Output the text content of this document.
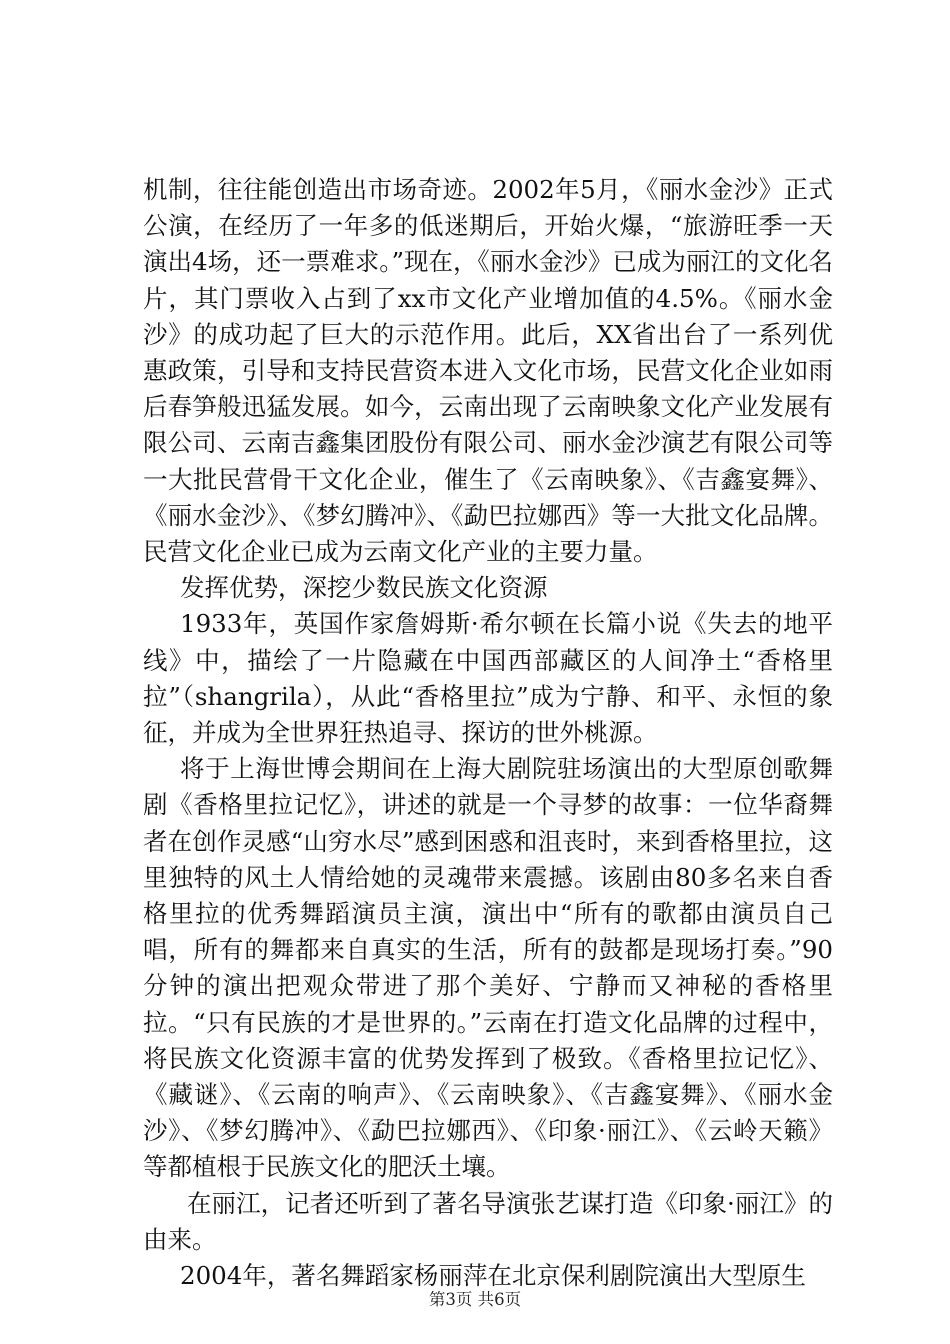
机制，往往能创造出市场奇迹。2002年5月，《丽水金沙》正式公演，在经历了一年多的低迷期后，开始火爆，“旅游旺季一天演出4场，还一票难求。”现在，《丽水金沙》已成为丽江的文化名片，其门票收入占到了xx市文化产业增加值的4.5%。《丽水金沙》的成功起了巨大的示范作用。此后，XX省出台了一系列优惠政策，引导和支持民营资本进入文化市场，民营文化企业如雨后春笋般迅猛发展。如今，云南出现了云南映象文化产业发展有限公司、云南吉鑫集团股份有限公司、丽水金沙演艺有限公司等一大批民营骨干文化企业，催生了《云南映象》、《吉鑫宴舞》、《丽水金沙》、《梦幻腾冲》、《勐巴拉娜西》等一大批文化品牌。民营文化企业已成为云南文化产业的主要力量。

发挥优势，深挖少数民族文化资源

1933年，英国作家詹姆斯·希尔顿在长篇小说《失去的地平线》中，描绘了一片隐藏在中国西部藏区的人间净土“香格里拉”（shangrila），从此“香格里拉”成为宁静、和平、永恒的象征，并成为全世界狂热追寻、探访的世外桃源。

将于上海世博会期间在上海大剧院驻场演出的大型原创歌舞剧《香格里拉记忆》，讲述的就是一个寻梦的故事：一位华裔舞者在创作灵感“山穷水尽”感到困惑和沮丧时，来到香格里拉，这里独特的风土人情给她的灵魂带来震撼。该剧由80多名来自香格里拉的优秀舞蹈演员主演，演出中“所有的歌都由演员自己唱，所有的舞都来自真实的生活，所有的鼓都是现场打奏。”90分钟的演出把观众带进了那个美好、宁静而又神秘的香格里拉。“只有民族的才是世界的。”云南在打造文化品牌的过程中，将民族文化资源丰富的优势发挥到了极致。《香格里拉记忆》、《藏谜》、《云南的响声》、《云南映象》、《吉鑫宴舞》、《丽水金沙》、《梦幻腾冲》、《勐巴拉娜西》、《印象·丽江》、《云岭天籁》等都植根于民族文化的肥沃土壤。

在丽江，记者还听到了著名导演张艺谋打造《印象·丽江》的由来。

2004年，著名舞蹈家杨丽萍在北京保利剧院演出大型原生

第3页 共6页
